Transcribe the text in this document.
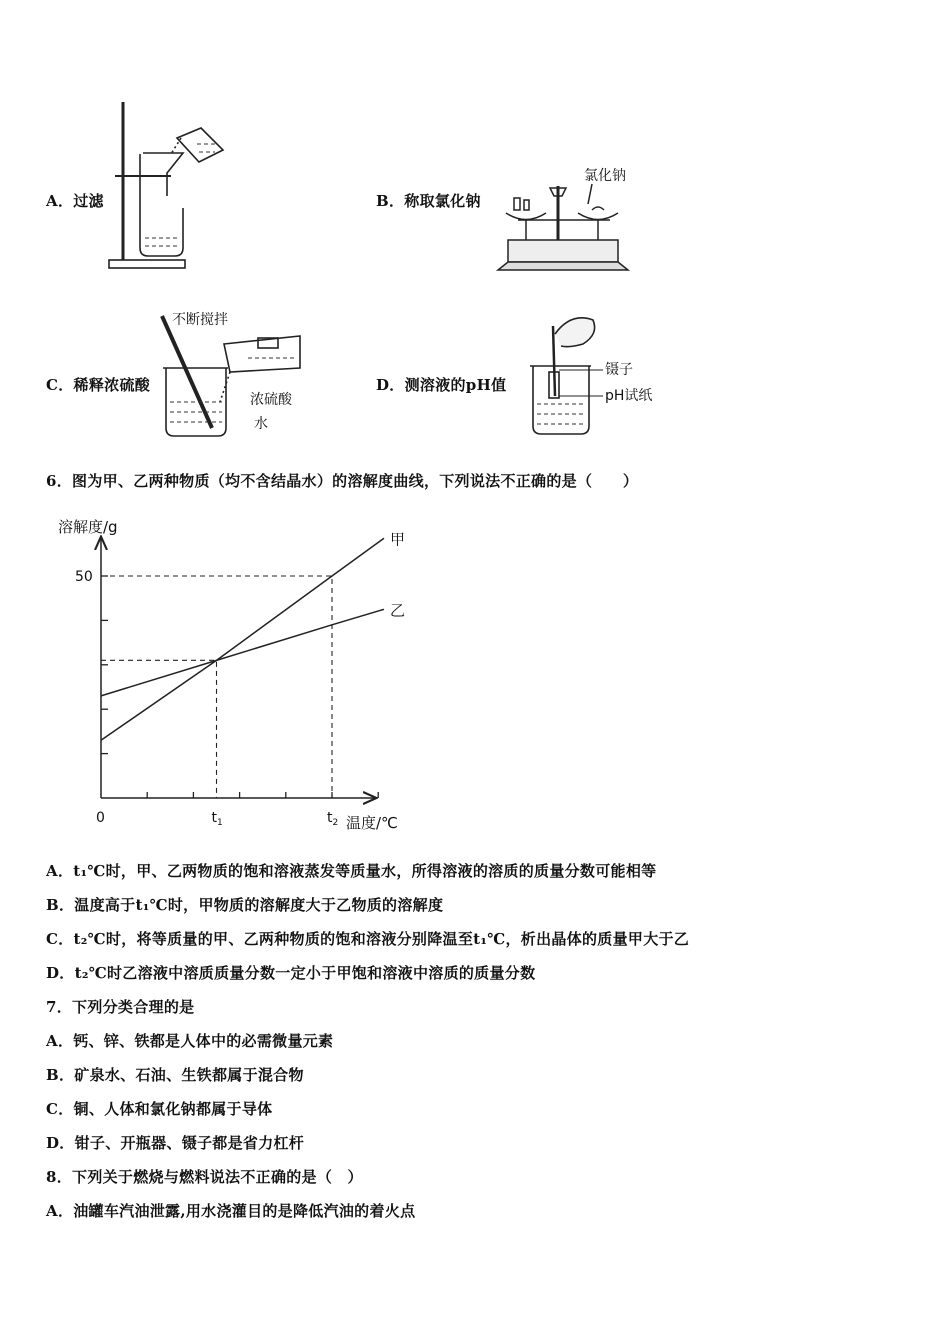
A．过滤	B．称取氯化钠
C．稀释浓硫酸	D．测溶液的pH值
氯化钠
不断搅拌
浓硫酸
水
镊子
pH试纸
6．图为甲、乙两种物质（均不含结晶水）的溶解度曲线，下列说法不正确的是（　　）
溶解度/g
温度/℃
甲
乙
50
0	$t_1$	$t_2$
A．t₁℃时，甲、乙两物质的饱和溶液蒸发等质量水，所得溶液的溶质的质量分数可能相等
B．温度高于t₁℃时，甲物质的溶解度大于乙物质的溶解度
C．t₂℃时，将等质量的甲、乙两种物质的饱和溶液分别降温至t₁℃，析出晶体的质量甲大于乙
D．t₂℃时乙溶液中溶质质量分数一定小于甲饱和溶液中溶质的质量分数
7．下列分类合理的是
A．钙、锌、铁都是人体中的必需微量元素
B．矿泉水、石油、生铁都属于混合物
C．铜、人体和氯化钠都属于导体
D．钳子、开瓶器、镊子都是省力杠杆
8．下列关于燃烧与燃料说法不正确的是（　）
A．油罐车汽油泄露,用水浇灌目的是降低汽油的着火点
